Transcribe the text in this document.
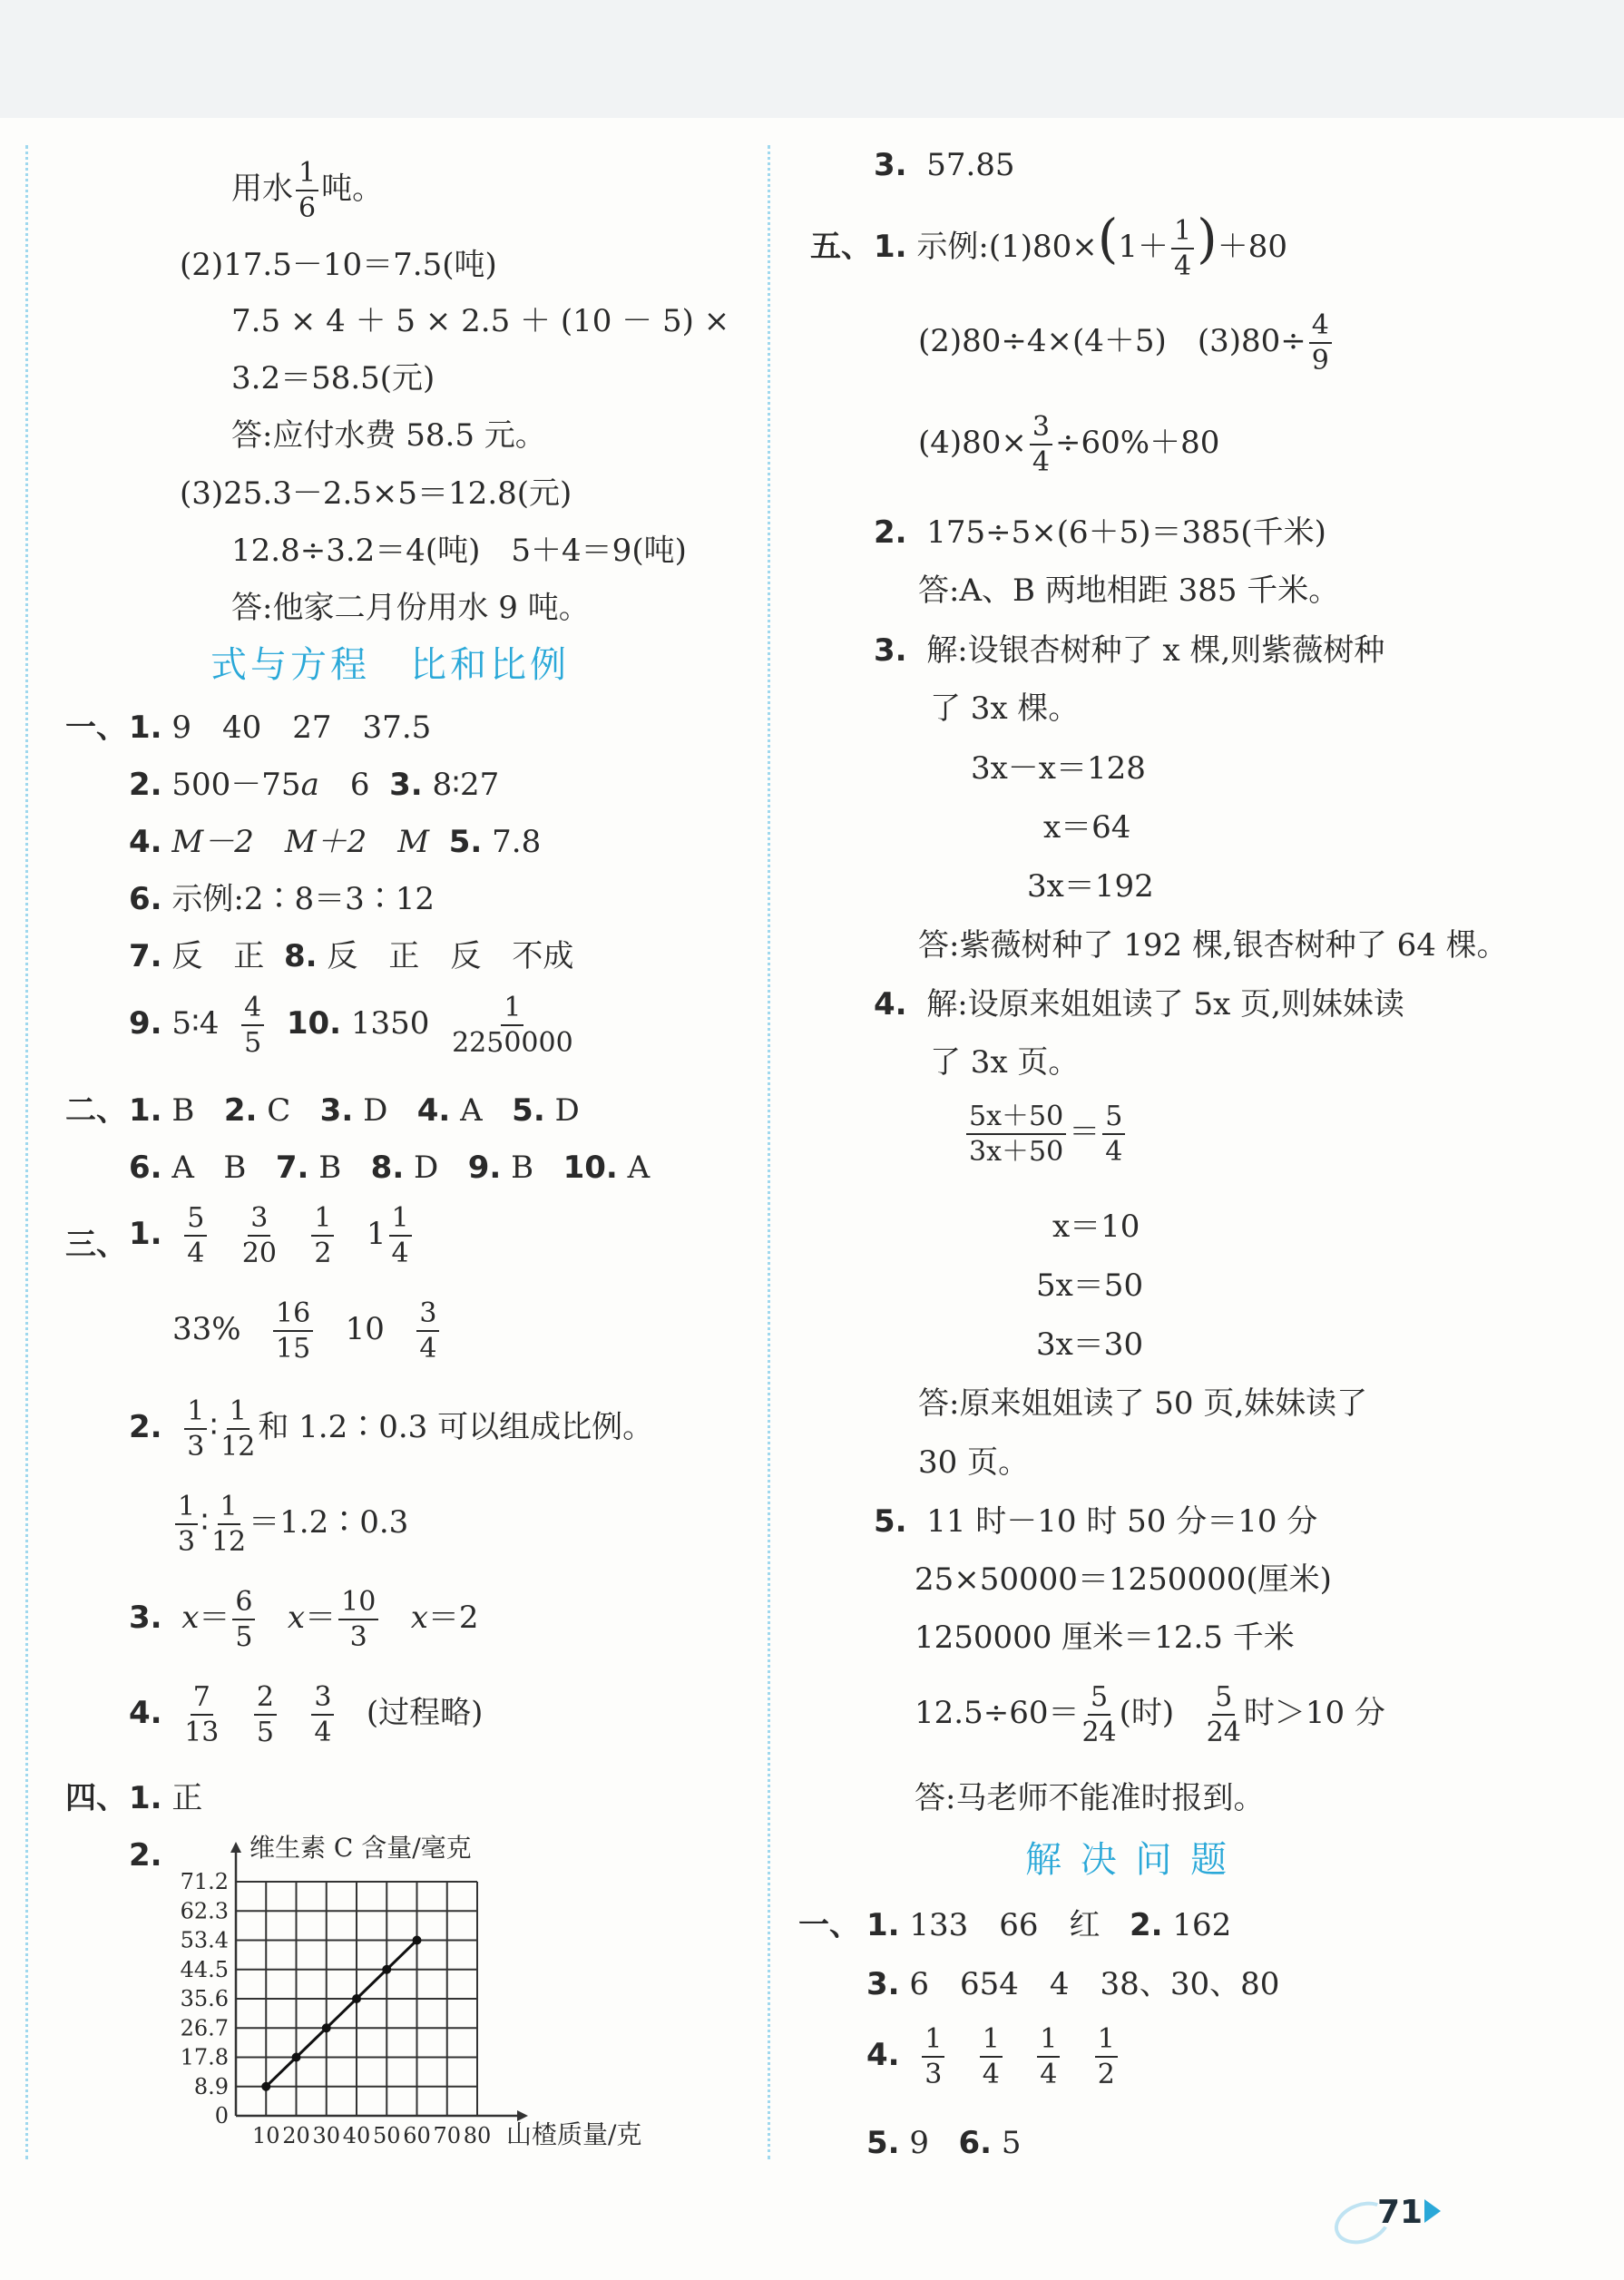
用水 $\frac{1}{6}$ 吨。
(2)17.5－10＝7.5(吨)
7.5 × 4 ＋ 5 × 2.5 ＋ (10 － 5) ×
3.2＝58.5(元)
答:应付水费 58.5 元。
(3)25.3－2.5×5＝12.8(元)
12.8÷3.2＝4(吨)　5＋4＝9(吨)
答:他家二月份用水 9 吨。
式与方程　比和比例
一、 1. 9　40　27　37.5
2. 500－75a　6 3. 8∶27
4. M－2　M＋2　M 5. 7.8
6. 示例:2∶8＝3∶12
7. 反　正 8. 反　正　反　不成
9. 5∶4 $\frac{4}{5} 10$. $1350 \frac{1}{2250000}$
二、 1. B 2. C 3. D 4. A 5. D
6. A B 7. B 8. D 9. B 10. A
三、 1. $\frac{5}{4}$
$\frac{3}{20}$
$\frac{1}{2} 1 \frac{1}{4}$
$33\% \frac{16}{15} 10 \frac{3}{4}$
2. $\frac{1}{3}$ ∶ $\frac{1}{12}$ 和 1.2∶0.3 可以组成比例。
$\frac{1}{3}$ ∶ $\frac{1}{12}$ ＝1.2∶0.3
3. $x= \frac{6}{5} x= \frac{10}{3} x=2$
4. $\frac{7}{13}$
$\frac{2}{5}$
$\frac{3}{4}$ (过程略)
四、 1. 正
2.
0
8.9
17.8
26.7
35.6
44.5
53.4
62.3
71.2
10 20 30 40 50 60 70 80
维生素 C 含量/毫克
山楂质量/克
3. 57.85
五、 1. 示例:(1)80×(1＋ $\frac{1}{4} )+80$
(2)80÷4×(4＋5)　$(3)80\div \frac{4}{9}$
$(4)80\times \frac{3}{4} \div 60\%+80$
2. 175÷5×(6＋5)＝385(千米)
答:A、B 两地相距 385 千米。
3. 解:设银杏树种了 x 棵,则紫薇树种
了 3x 棵。
3x－x＝128
x＝64
3x＝192
答:紫薇树种了 192 棵,银杏树种了 64 棵。
4. 解:设原来姐姐读了 5x 页,则妹妹读
了 3x 页。
$\frac{5x+50}{3x+50} = \frac{5}{4}$
x＝10
5x＝50
3x＝30
答:原来姐姐读了 50 页,妹妹读了
30 页。
5. 11 时－10 时 50 分＝10 分
25×50000＝1250000(厘米)
1250000 厘米＝12.5 千米
$12.5\div 60= \frac{5}{24}$ (时) $\frac{5}{24}$ 时＞10 分
答:马老师不能准时报到。
解 决 问 题
一、 1. 133　66　红 2. 162
3. 6　654　4　38、30、80
4. $\frac{1}{3}$
$\frac{1}{4}$
$\frac{1}{4}$
$\frac{1}{2}$
5. 9 6. 5
71
